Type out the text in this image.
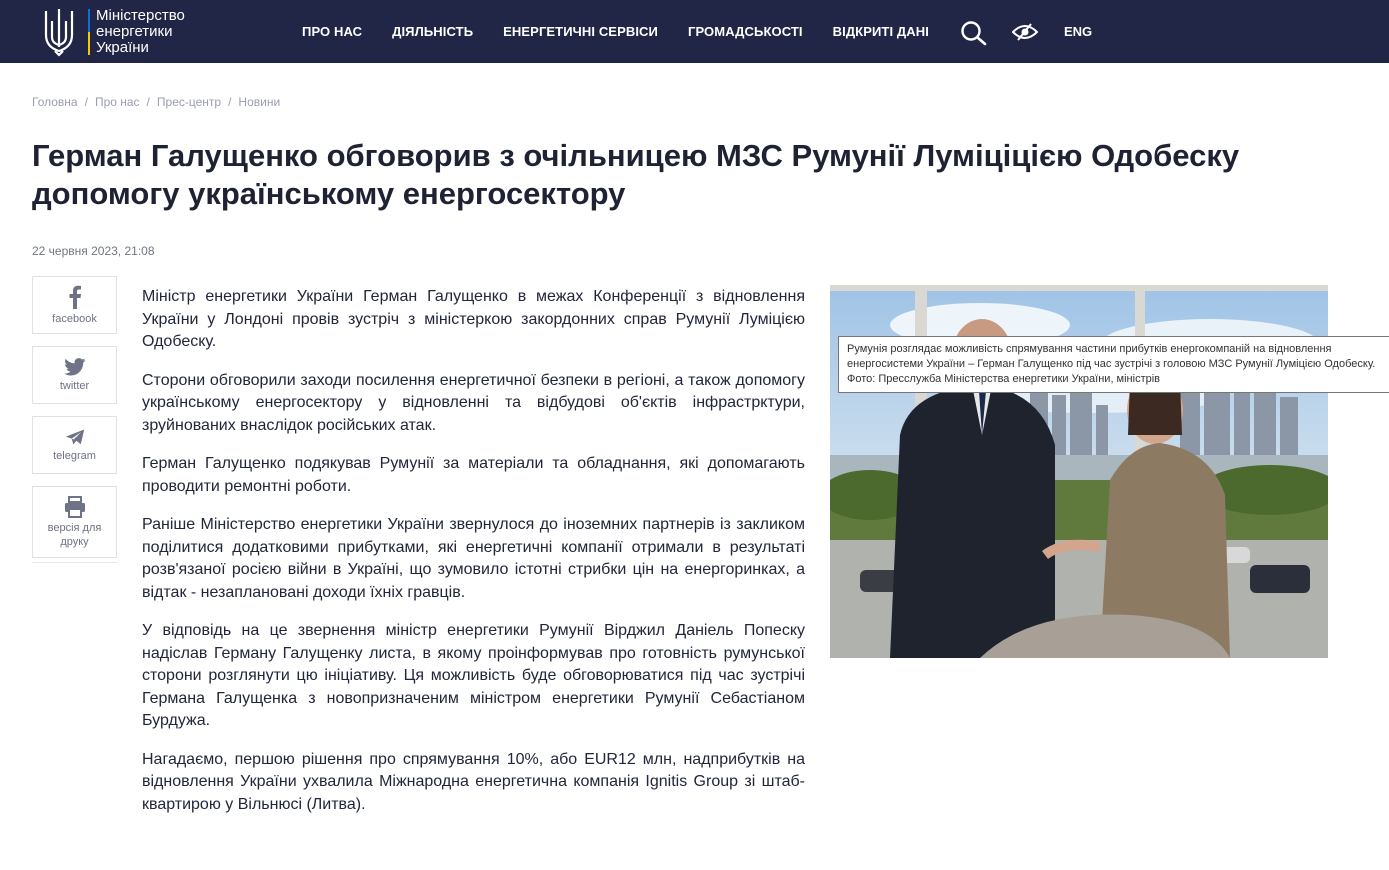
Міністерство
енергетики
України
ПРО НАС ДІЯЛЬНІСТЬ ЕНЕРГЕТИЧНІ СЕРВІСИ ГРОМАДСЬКОСТІ ВІДКРИТІ ДАНІ	ENG
Головна / Про нас / Прес-центр / Новини
Герман Галущенко обговорив з очільницею МЗС Румунії Луміціцією Одобеску допомогу українському енергосектору
22 червня 2023, 21:08
facebook
twitter
telegram
версія для друку

Міністр енергетики України Герман Галущенко в межах Конференції з відновлення України у Лондоні провів зустріч з міністеркою закордонних справ Румунії Луміцією Одобеску.

Сторони обговорили заходи посилення енергетичної безпеки в регіоні, а також допомогу українському енергосектору у відновленні та відбудові об'єктів інфрастрктури, зруйнованих внаслідок російських атак.

Герман Галущенко подякував Румунії за матеріали та обладнання, які допомагають проводити ремонтні роботи.

Раніше Міністерство енергетики України звернулося до іноземних партнерів із закликом поділитися додатковими прибутками, які енергетичні компанії отримали в результаті розв'язаної росією війни в Україні, що зумовило істотні стрибки цін на енергоринках, а відтак - незаплановані доходи їхніх гравців.

У відповідь на це звернення міністр енергетики Румунії Вірджил Даніель Попеску надіслав Герману Галущенку листа, в якому проінформував про готовність румунської сторони розглянути цю ініціативу. Ця можливість буде обговорюватися під час зустрічі Германа Галущенка з новопризначеним міністром енергетики Румунії Себастіаном Бурдужа.

Нагадаємо, першою рішення про спрямування 10%, або EUR12 млн, надприбутків на відновлення України ухвалила Міжнародна енергетична компанія Ignitis Group зі штаб-квартирою у Вільнюсі (Литва).

Румунія розглядає можливість спрямування частини прибутків енергокомпаній на відновлення енергосистеми України – Герман Галущенко під час зустрічі з головою МЗС Румунії Луміцією Одобеску. Фото: Пресслужба Міністерства енергетики України, міністрів
